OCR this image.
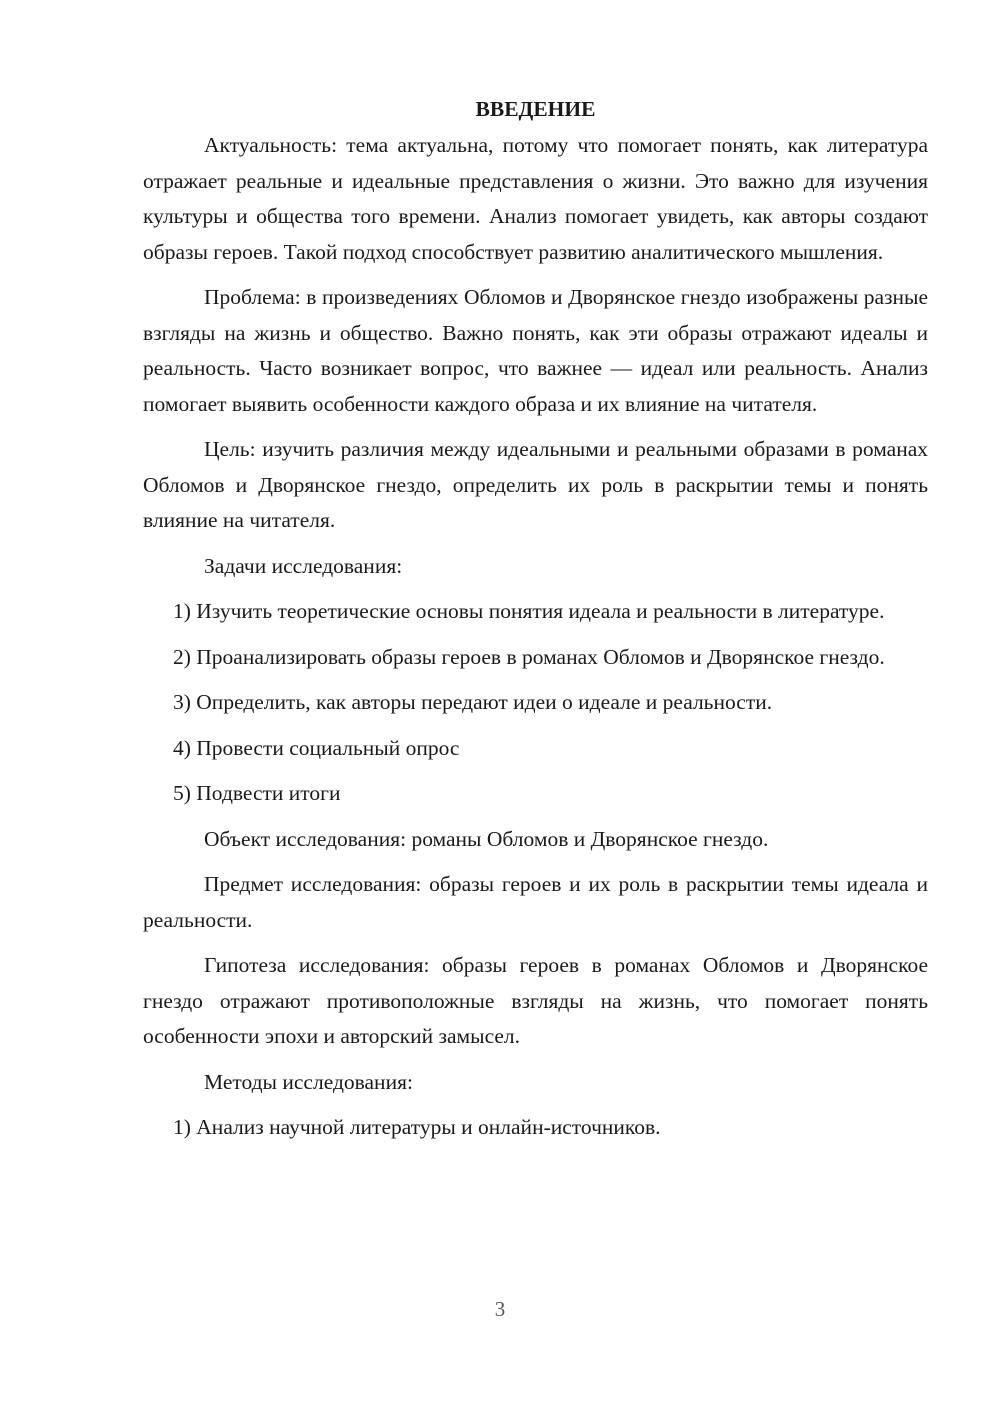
ВВЕДЕНИЕ

Актуальность: тема актуальна, потому что помогает понять, как литература отражает реальные и идеальные представления о жизни. Это важно для изучения культуры и общества того времени. Анализ помогает увидеть, как авторы создают образы героев. Такой подход способствует развитию аналитического мышления.

Проблема: в произведениях Обломов и Дворянское гнездо изображены разные взгляды на жизнь и общество. Важно понять, как эти образы отражают идеалы и реальность. Часто возникает вопрос, что важнее — идеал или реальность. Анализ помогает выявить особенности каждого образа и их влияние на читателя.

Цель: изучить различия между идеальными и реальными образами в романах Обломов и Дворянское гнездо, определить их роль в раскрытии темы и понять влияние на читателя.

Задачи исследования:

1) Изучить теоретические основы понятия идеала и реальности в литературе.

2) Проанализировать образы героев в романах Обломов и Дворянское гнездо.

3) Определить, как авторы передают идеи о идеале и реальности.

4) Провести социальный опрос

5) Подвести итоги

Объект исследования: романы Обломов и Дворянское гнездо.

Предмет исследования: образы героев и их роль в раскрытии темы идеала и реальности.

Гипотеза исследования: образы героев в романах Обломов и Дворянское гнездо отражают противоположные взгляды на жизнь, что помогает понять особенности эпохи и авторский замысел.

Методы исследования:

1) Анализ научной литературы и онлайн-источников.

3
